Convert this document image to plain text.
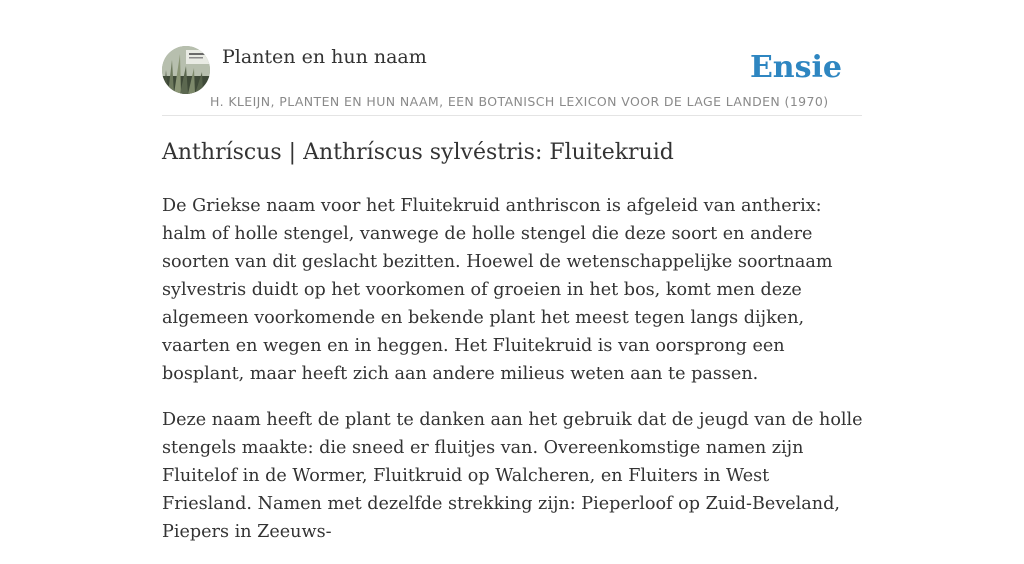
Planten en hun naam	Ensie
H. KLEIJN, PLANTEN EN HUN NAAM, EEN BOTANISCH LEXICON VOOR DE LAGE LANDEN (1970)
Anthrı́scus | Anthrı́scus sylvéstris: Fluitekruid

De Griekse naam voor het Fluitekruid anthriscon is afgeleid van antherix: halm of holle stengel, vanwege de holle stengel die deze soort en andere soorten van dit geslacht bezitten. Hoewel de wetenschappelijke soortnaam sylvestris duidt op het voorkomen of groeien in het bos, komt men deze algemeen voorkomende en bekende plant het meest tegen langs dijken, vaarten en wegen en in heggen. Het Fluitekruid is van oorsprong een bosplant, maar heeft zich aan andere milieus weten aan te passen.

Deze naam heeft de plant te danken aan het gebruik dat de jeugd van de holle stengels maakte: die sneed er fluitjes van. Overeenkomstige namen zijn Fluitelof in de Wormer, Fluitkruid op Walcheren, en Fluiters in West Friesland. Namen met dezelfde strekking zijn: Pieperloof op Zuid-Beveland, Piepers in Zeeuws-
